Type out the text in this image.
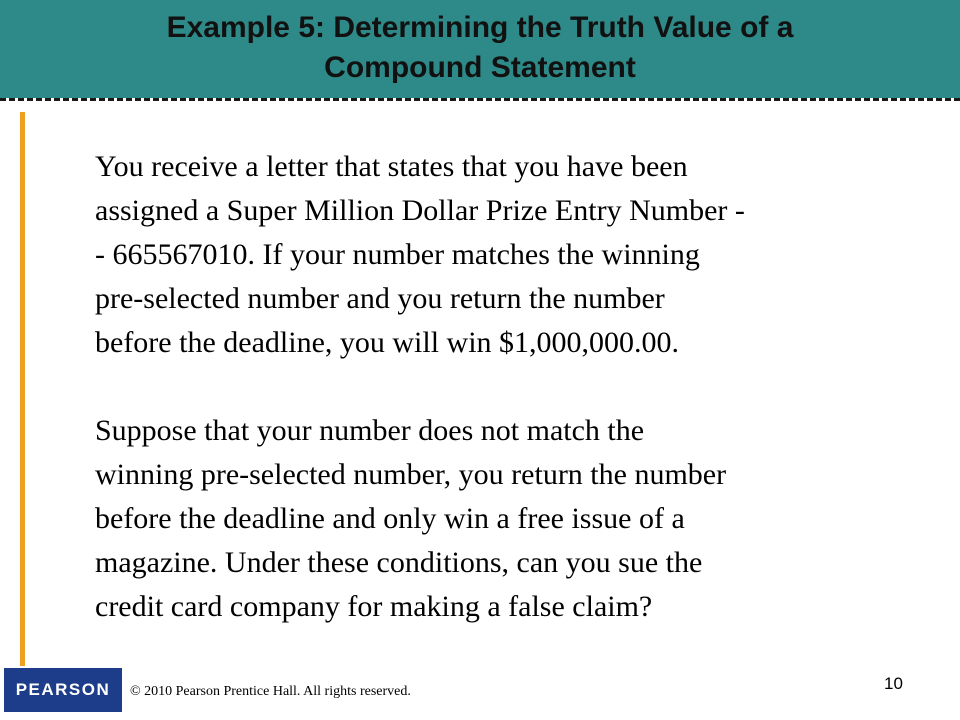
Example 5: Determining the Truth Value of a
Compound Statement

You receive a letter that states that you have been
assigned a Super Million Dollar Prize Entry Number -
- 665567010. If your number matches the winning
pre-selected number and you return the number
before the deadline, you will win $1,000,000.00.

Suppose that your number does not match the
winning pre-selected number, you return the number
before the deadline and only win a free issue of a
magazine. Under these conditions, can you sue the
credit card company for making a false claim?

PEARSON	© 2010 Pearson Prentice Hall. All rights reserved.	10
